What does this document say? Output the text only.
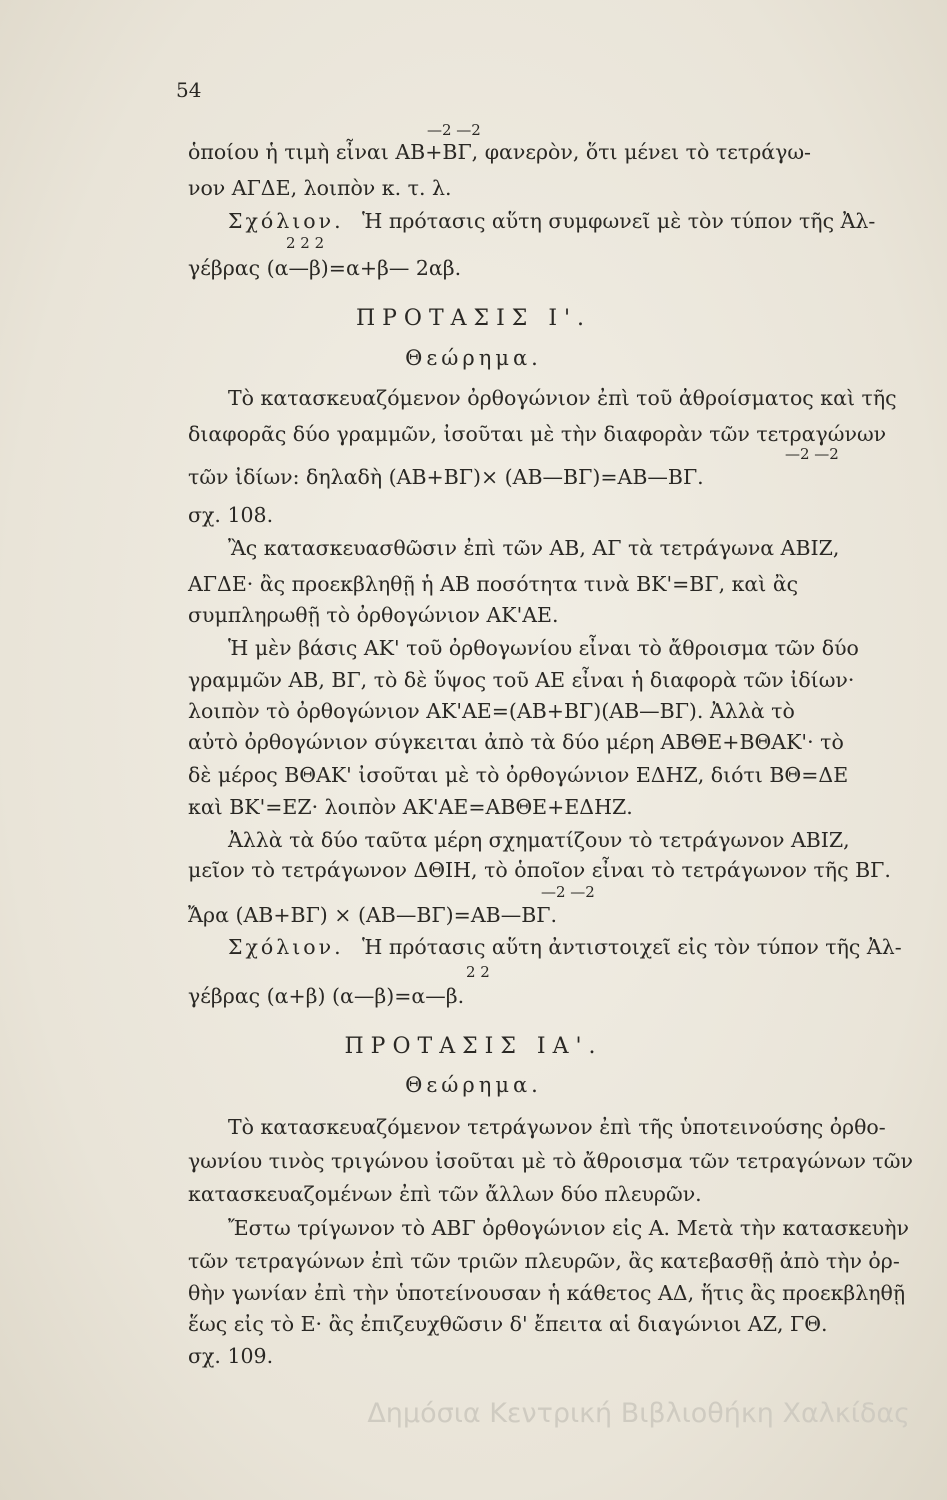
54
—2 —2
ὁποίου ἡ τιμὴ εἶναι ΑΒ+ΒΓ, φανερὸν, ὅτι μένει τὸ τετράγω-
νον ΑΓΔΕ, λοιπὸν κ. τ. λ.
Σχόλιον. Ἡ πρότασις αὕτη συμφωνεῖ μὲ τὸν τύπον τῆς Ἀλ-
2 2 2
γέβρας (α—β)=α+β— 2αβ.
ΠΡΟΤΑΣΙΣ Ι'.
Θεώρημα.
Τὸ κατασκευαζόμενον ὀρθογώνιον ἐπὶ τοῦ ἀθροίσματος καὶ τῆς
διαφορᾶς δύο γραμμῶν, ἰσοῦται μὲ τὴν διαφορὰν τῶν τετραγώνων
—2 —2
τῶν ἰδίων: δηλαδὴ (ΑΒ+ΒΓ)× (ΑΒ—ΒΓ)=ΑΒ—ΒΓ.
σχ. 108.
Ἂς κατασκευασθῶσιν ἐπὶ τῶν ΑΒ, ΑΓ τὰ τετράγωνα ΑΒΙΖ,
ΑΓΔΕ· ἂς προεκβληθῇ ἡ ΑΒ ποσότητα τινὰ ΒΚ'=ΒΓ, καὶ ἂς
συμπληρωθῇ τὸ ὀρθογώνιον ΑΚ'ΑΕ.
Ἡ μὲν βάσις ΑΚ' τοῦ ὀρθογωνίου εἶναι τὸ ἄθροισμα τῶν δύο
γραμμῶν ΑΒ, ΒΓ, τὸ δὲ ὕψος τοῦ ΑΕ εἶναι ἡ διαφορὰ τῶν ἰδίων·
λοιπὸν τὸ ὀρθογώνιον ΑΚ'ΑΕ=(ΑΒ+ΒΓ)(ΑΒ—ΒΓ). Ἀλλὰ τὸ
αὐτὸ ὀρθογώνιον σύγκειται ἀπὸ τὰ δύο μέρη ΑΒΘΕ+ΒΘΑΚ'· τὸ
δὲ μέρος ΒΘΑΚ' ἰσοῦται μὲ τὸ ὀρθογώνιον ΕΔΗΖ, διότι ΒΘ=ΔΕ
καὶ ΒΚ'=ΕΖ· λοιπὸν ΑΚ'ΑΕ=ΑΒΘΕ+ΕΔΗΖ.
Ἀλλὰ τὰ δύο ταῦτα μέρη σχηματίζουν τὸ τετράγωνον ΑΒΙΖ,
μεῖον τὸ τετράγωνον ΔΘΙΗ, τὸ ὁποῖον εἶναι τὸ τετράγωνον τῆς ΒΓ.
—2 —2
Ἄρα (ΑΒ+ΒΓ) × (ΑΒ—ΒΓ)=ΑΒ—ΒΓ.
Σχόλιον. Ἡ πρότασις αὕτη ἀντιστοιχεῖ εἰς τὸν τύπον τῆς Ἀλ-
2 2
γέβρας (α+β) (α—β)=α—β.
ΠΡΟΤΑΣΙΣ ΙΑ'.
Θεώρημα.
Τὸ κατασκευαζόμενον τετράγωνον ἐπὶ τῆς ὑποτεινούσης ὀρθο-
γωνίου τινὸς τριγώνου ἰσοῦται μὲ τὸ ἄθροισμα τῶν τετραγώνων τῶν
κατασκευαζομένων ἐπὶ τῶν ἄλλων δύο πλευρῶν.
Ἔστω τρίγωνον τὸ ΑΒΓ ὀρθογώνιον εἰς Α. Μετὰ τὴν κατασκευὴν
τῶν τετραγώνων ἐπὶ τῶν τριῶν πλευρῶν, ἂς κατεβασθῇ ἀπὸ τὴν ὀρ-
θὴν γωνίαν ἐπὶ τὴν ὑποτείνουσαν ἡ κάθετος ΑΔ, ἥτις ἂς προεκβληθῇ
ἕως εἰς τὸ Ε· ἂς ἐπιζευχθῶσιν δ' ἔπειτα αἱ διαγώνιοι ΑΖ, ΓΘ.
σχ. 109.
Δημόσια Κεντρική Βιβλιοθήκη Χαλκίδας
